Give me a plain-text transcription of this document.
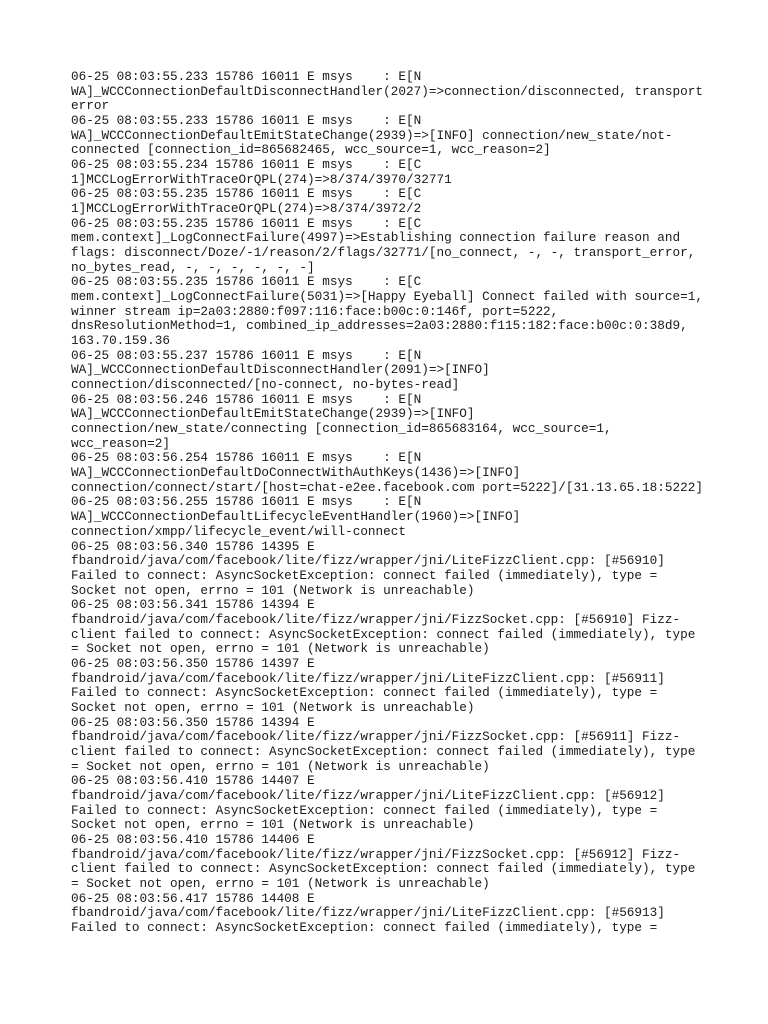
06-25 08:03:55.233 15786 16011 E msys    : E[N
WA]_WCCConnectionDefaultDisconnectHandler(2027)=>connection/disconnected, transport
error
06-25 08:03:55.233 15786 16011 E msys    : E[N
WA]_WCCConnectionDefaultEmitStateChange(2939)=>[INFO] connection/new_state/not-
connected [connection_id=865682465, wcc_source=1, wcc_reason=2]
06-25 08:03:55.234 15786 16011 E msys    : E[C
1]MCCLogErrorWithTraceOrQPL(274)=>8/374/3970/32771
06-25 08:03:55.235 15786 16011 E msys    : E[C
1]MCCLogErrorWithTraceOrQPL(274)=>8/374/3972/2
06-25 08:03:55.235 15786 16011 E msys    : E[C
mem.context]_LogConnectFailure(4997)=>Establishing connection failure reason and
flags: disconnect/Doze/-1/reason/2/flags/32771/[no_connect, -, -, transport_error,
no_bytes_read, -, -, -, -, -, -]
06-25 08:03:55.235 15786 16011 E msys    : E[C
mem.context]_LogConnectFailure(5031)=>[Happy Eyeball] Connect failed with source=1,
winner stream ip=2a03:2880:f097:116:face:b00c:0:146f, port=5222,
dnsResolutionMethod=1, combined_ip_addresses=2a03:2880:f115:182:face:b00c:0:38d9,
163.70.159.36
06-25 08:03:55.237 15786 16011 E msys    : E[N
WA]_WCCConnectionDefaultDisconnectHandler(2091)=>[INFO]
connection/disconnected/[no-connect, no-bytes-read]
06-25 08:03:56.246 15786 16011 E msys    : E[N
WA]_WCCConnectionDefaultEmitStateChange(2939)=>[INFO]
connection/new_state/connecting [connection_id=865683164, wcc_source=1,
wcc_reason=2]
06-25 08:03:56.254 15786 16011 E msys    : E[N
WA]_WCCConnectionDefaultDoConnectWithAuthKeys(1436)=>[INFO]
connection/connect/start/[host=chat-e2ee.facebook.com port=5222]/[31.13.65.18:5222]
06-25 08:03:56.255 15786 16011 E msys    : E[N
WA]_WCCConnectionDefaultLifecycleEventHandler(1960)=>[INFO]
connection/xmpp/lifecycle_event/will-connect
06-25 08:03:56.340 15786 14395 E
fbandroid/java/com/facebook/lite/fizz/wrapper/jni/LiteFizzClient.cpp: [#56910]
Failed to connect: AsyncSocketException: connect failed (immediately), type =
Socket not open, errno = 101 (Network is unreachable)
06-25 08:03:56.341 15786 14394 E
fbandroid/java/com/facebook/lite/fizz/wrapper/jni/FizzSocket.cpp: [#56910] Fizz-
client failed to connect: AsyncSocketException: connect failed (immediately), type
= Socket not open, errno = 101 (Network is unreachable)
06-25 08:03:56.350 15786 14397 E
fbandroid/java/com/facebook/lite/fizz/wrapper/jni/LiteFizzClient.cpp: [#56911]
Failed to connect: AsyncSocketException: connect failed (immediately), type =
Socket not open, errno = 101 (Network is unreachable)
06-25 08:03:56.350 15786 14394 E
fbandroid/java/com/facebook/lite/fizz/wrapper/jni/FizzSocket.cpp: [#56911] Fizz-
client failed to connect: AsyncSocketException: connect failed (immediately), type
= Socket not open, errno = 101 (Network is unreachable)
06-25 08:03:56.410 15786 14407 E
fbandroid/java/com/facebook/lite/fizz/wrapper/jni/LiteFizzClient.cpp: [#56912]
Failed to connect: AsyncSocketException: connect failed (immediately), type =
Socket not open, errno = 101 (Network is unreachable)
06-25 08:03:56.410 15786 14406 E
fbandroid/java/com/facebook/lite/fizz/wrapper/jni/FizzSocket.cpp: [#56912] Fizz-
client failed to connect: AsyncSocketException: connect failed (immediately), type
= Socket not open, errno = 101 (Network is unreachable)
06-25 08:03:56.417 15786 14408 E
fbandroid/java/com/facebook/lite/fizz/wrapper/jni/LiteFizzClient.cpp: [#56913]
Failed to connect: AsyncSocketException: connect failed (immediately), type =
